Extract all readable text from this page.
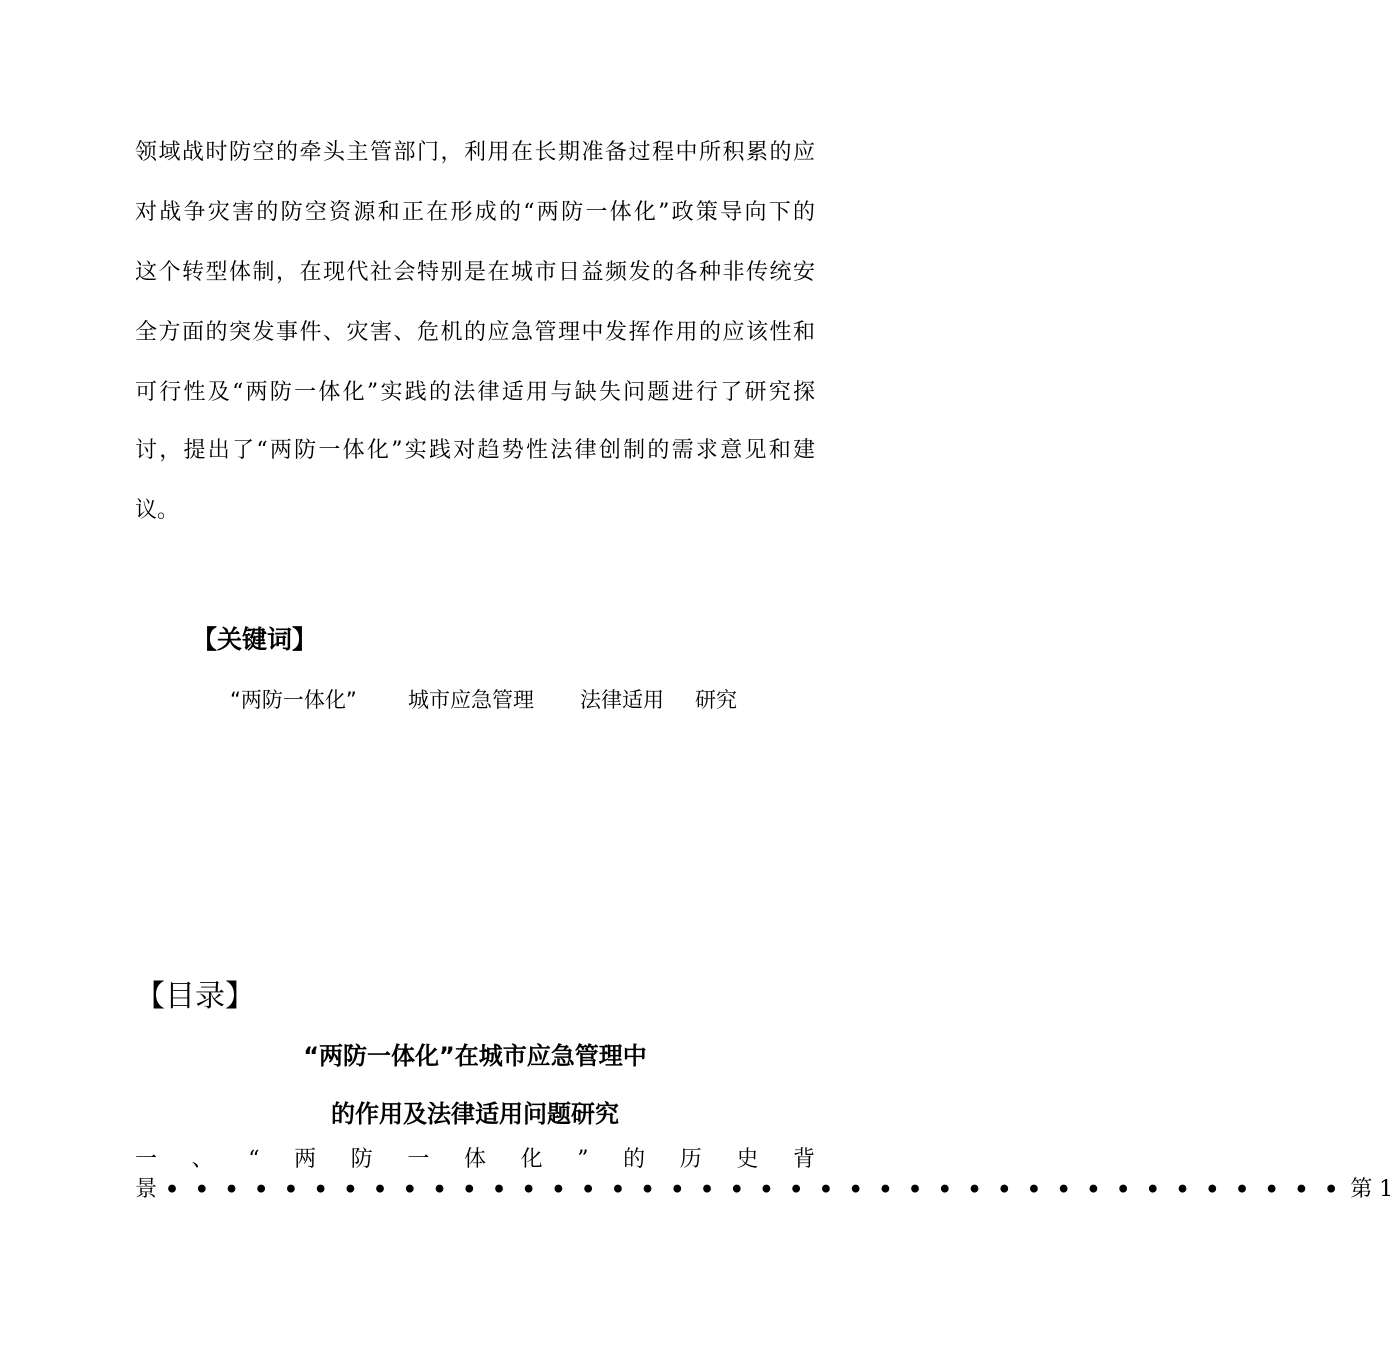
领域战时防空的牵头主管部门，利用在长期准备过程中所积累的应
对战争灾害的防空资源和正在形成的“两防一体化”政策导向下的
这个转型体制，在现代社会特别是在城市日益频发的各种非传统安
全方面的突发事件、灾害、危机的应急管理中发挥作用的应该性和
可行性及“两防一体化”实践的法律适用与缺失问题进行了研究探
讨，提出了“两防一体化”实践对趋势性法律创制的需求意见和建
议。
【关键词】
“两防一体化” 城市应急管理 法律适用 研究
【目录】
“两防一体化”在城市应急管理中
的作用及法律适用问题研究
一 、 “ 两 防 一 体 化 ” 的 历 史 背
景 • • • • • • • • • • • • • • • • • • • • • • • • • • • • • • • • • • • • • • • • 第 1
